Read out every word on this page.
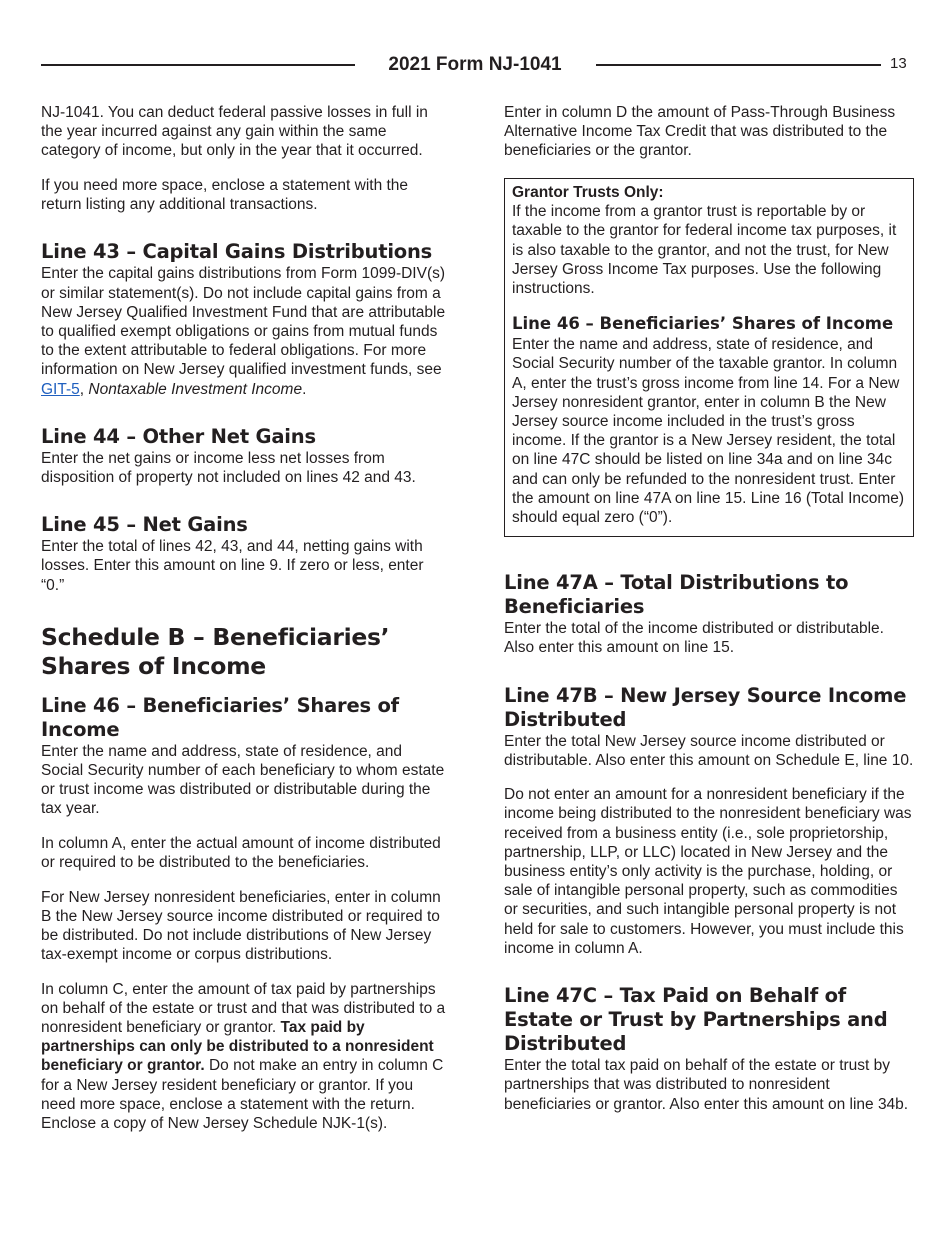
2021 Form NJ-1041	13

NJ-1041. You can deduct federal passive losses in full in the year incurred against any gain within the same category of income, but only in the year that it occurred.

If you need more space, enclose a statement with the return listing any additional transactions.

Line 43 – Capital Gains Distributions

Enter the capital gains distributions from Form 1099-DIV(s) or similar statement(s). Do not include capital gains from a New Jersey Qualified Investment Fund that are attributable to qualified exempt obligations or gains from mutual funds to the extent attributable to federal obligations. For more information on New Jersey qualified investment funds, see GIT-5, Nontaxable Investment Income.

Line 44 – Other Net Gains

Enter the net gains or income less net losses from disposition of property not included on lines 42 and 43.

Line 45 – Net Gains

Enter the total of lines 42, 43, and 44, netting gains with losses. Enter this amount on line 9. If zero or less, enter “0.”

Schedule B – Beneficiaries’ Shares of Income
Line 46 – Beneficiaries’ Shares of Income

Enter the name and address, state of residence, and Social Security number of each beneficiary to whom estate or trust income was distributed or distributable during the tax year.

In column A, enter the actual amount of income distributed or required to be distributed to the beneficiaries.

For New Jersey nonresident beneficiaries, enter in column B the New Jersey source income distributed or required to be distributed. Do not include distributions of New Jersey tax-exempt income or corpus distributions.

In column C, enter the amount of tax paid by partnerships on behalf of the estate or trust and that was distributed to a nonresident beneficiary or grantor. Tax paid by partnerships can only be distributed to a nonresident beneficiary or grantor. Do not make an entry in column C for a New Jersey resident beneficiary or grantor. If you need more space, enclose a statement with the return. Enclose a copy of New Jersey Schedule NJK-1(s).

Enter in column D the amount of Pass-Through Business Alternative Income Tax Credit that was distributed to the beneficiaries or the grantor.

Grantor Trusts Only:

If the income from a grantor trust is reportable by or taxable to the grantor for federal income tax purposes, it is also taxable to the grantor, and not the trust, for New Jersey Gross Income Tax purposes. Use the following instructions.

Line 46 – Beneficiaries’ Shares of Income

Enter the name and address, state of residence, and Social Security number of the taxable grantor. In column A, enter the trust’s gross income from line 14. For a New Jersey nonresident grantor, enter in column B the New Jersey source income included in the trust’s gross income. If the grantor is a New Jersey resident, the total on line 47C should be listed on line 34a and on line 34c and can only be refunded to the nonresident trust. Enter the amount on line 47A on line 15. Line 16 (Total Income) should equal zero (“0”).

Line 47A – Total Distributions to Beneficiaries

Enter the total of the income distributed or distributable. Also enter this amount on line 15.

Line 47B – New Jersey Source Income Distributed

Enter the total New Jersey source income distributed or distributable. Also enter this amount on Schedule E, line 10.

Do not enter an amount for a nonresident beneficiary if the income being distributed to the nonresident beneficiary was received from a business entity (i.e., sole proprietorship, partnership, LLP, or LLC) located in New Jersey and the business entity’s only activity is the purchase, holding, or sale of intangible personal property, such as commodities or securities, and such intangible personal property is not held for sale to customers. However, you must include this income in column A.

Line 47C – Tax Paid on Behalf of Estate or Trust by Partnerships and Distributed

Enter the total tax paid on behalf of the estate or trust by partnerships that was distributed to nonresident beneficiaries or grantor. Also enter this amount on line 34b.
